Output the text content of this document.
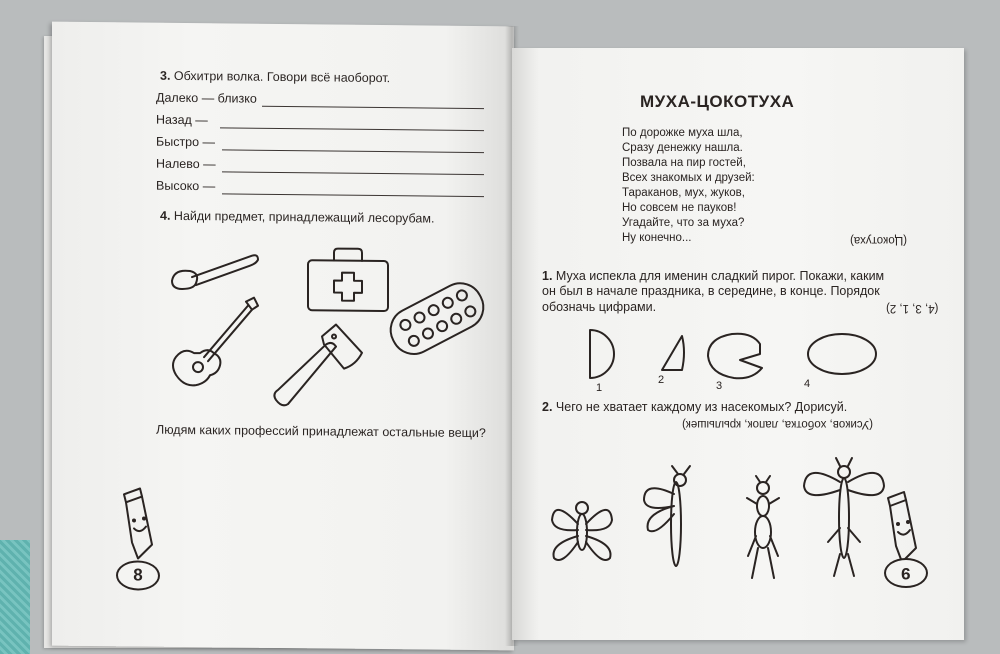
3. Обхитри волка. Говори всё наоборот.
Далеко — близко
Назад —
Быстро —
Налево —
Высоко —
4. Найди предмет, принадлежащий лесорубам.
Людям каких профессий принадлежат остальные вещи?
8
МУХА-ЦОКОТУХА
По дорожке муха шла,
Сразу денежку нашла.
Позвала на пир гостей,
Всех знакомых и друзей:
Тараканов, мух, жуков,
Но совсем не пауков!
Угадайте, что за муха?
Ну конечно...	(Цокотуха)
1. Муха испекла для именин сладкий пирог. Покажи, каким
он был в начале праздника, в середине, в конце. Порядок
обозначь цифрами.	(4, 3, 1, 2)
1
2	3	4
2. Чего не хватает каждому из насекомых? Дорисуй.
(Усиков, хоботка, лапок, крылышек)
9
